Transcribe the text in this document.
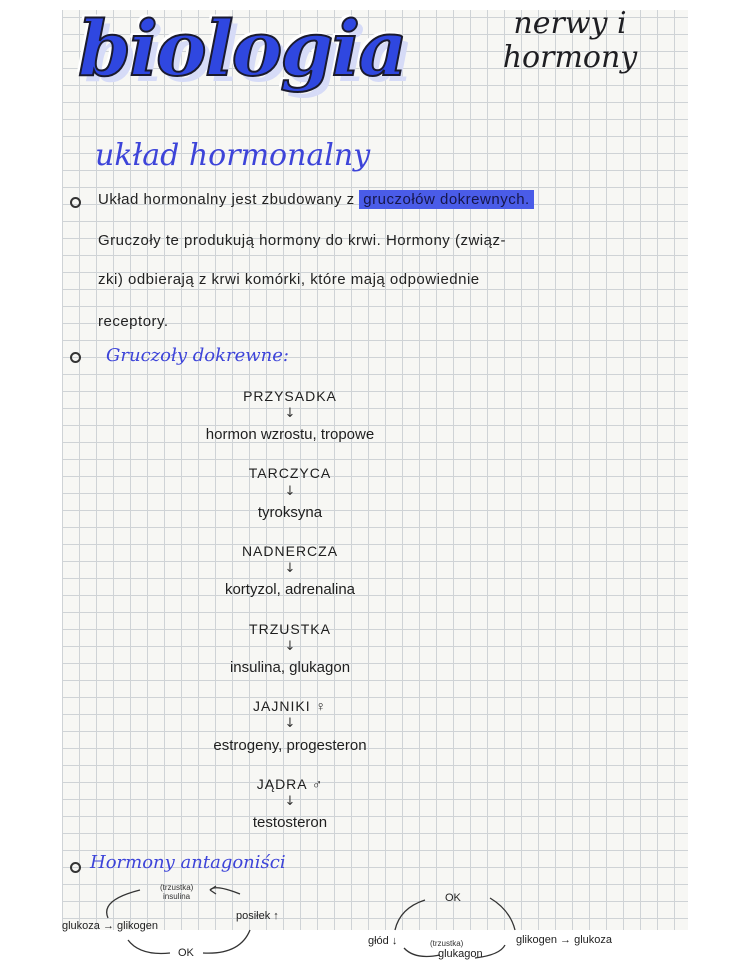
biologia	nerwy i
hormony
układ hormonalny
Układ hormonalny jest zbudowany z gruczołów dokrewnych.
Gruczoły te produkują hormony do krwi. Hormony (związ-
zki) odbierają z krwi komórki, które mają odpowiednie
receptory.
Gruczoły dokrewne:
PRZYSADKA
↓
hormon wzrostu, tropowe
TARCZYCA
↓
tyroksyna
NADNERCZA
↓
kortyzol, adrenalina
TRZUSTKA
↓
insulina, glukagon
JAJNIKI ♀
↓
estrogeny, progesteron
JĄDRA ♂
↓
testosteron
Hormony antagoniści
(trzustka)
insulina
glukoza → glikogen
posiłek ↑
OK
OK
głód ↓	(trzustka)
glukagon
glikogen → glukoza
